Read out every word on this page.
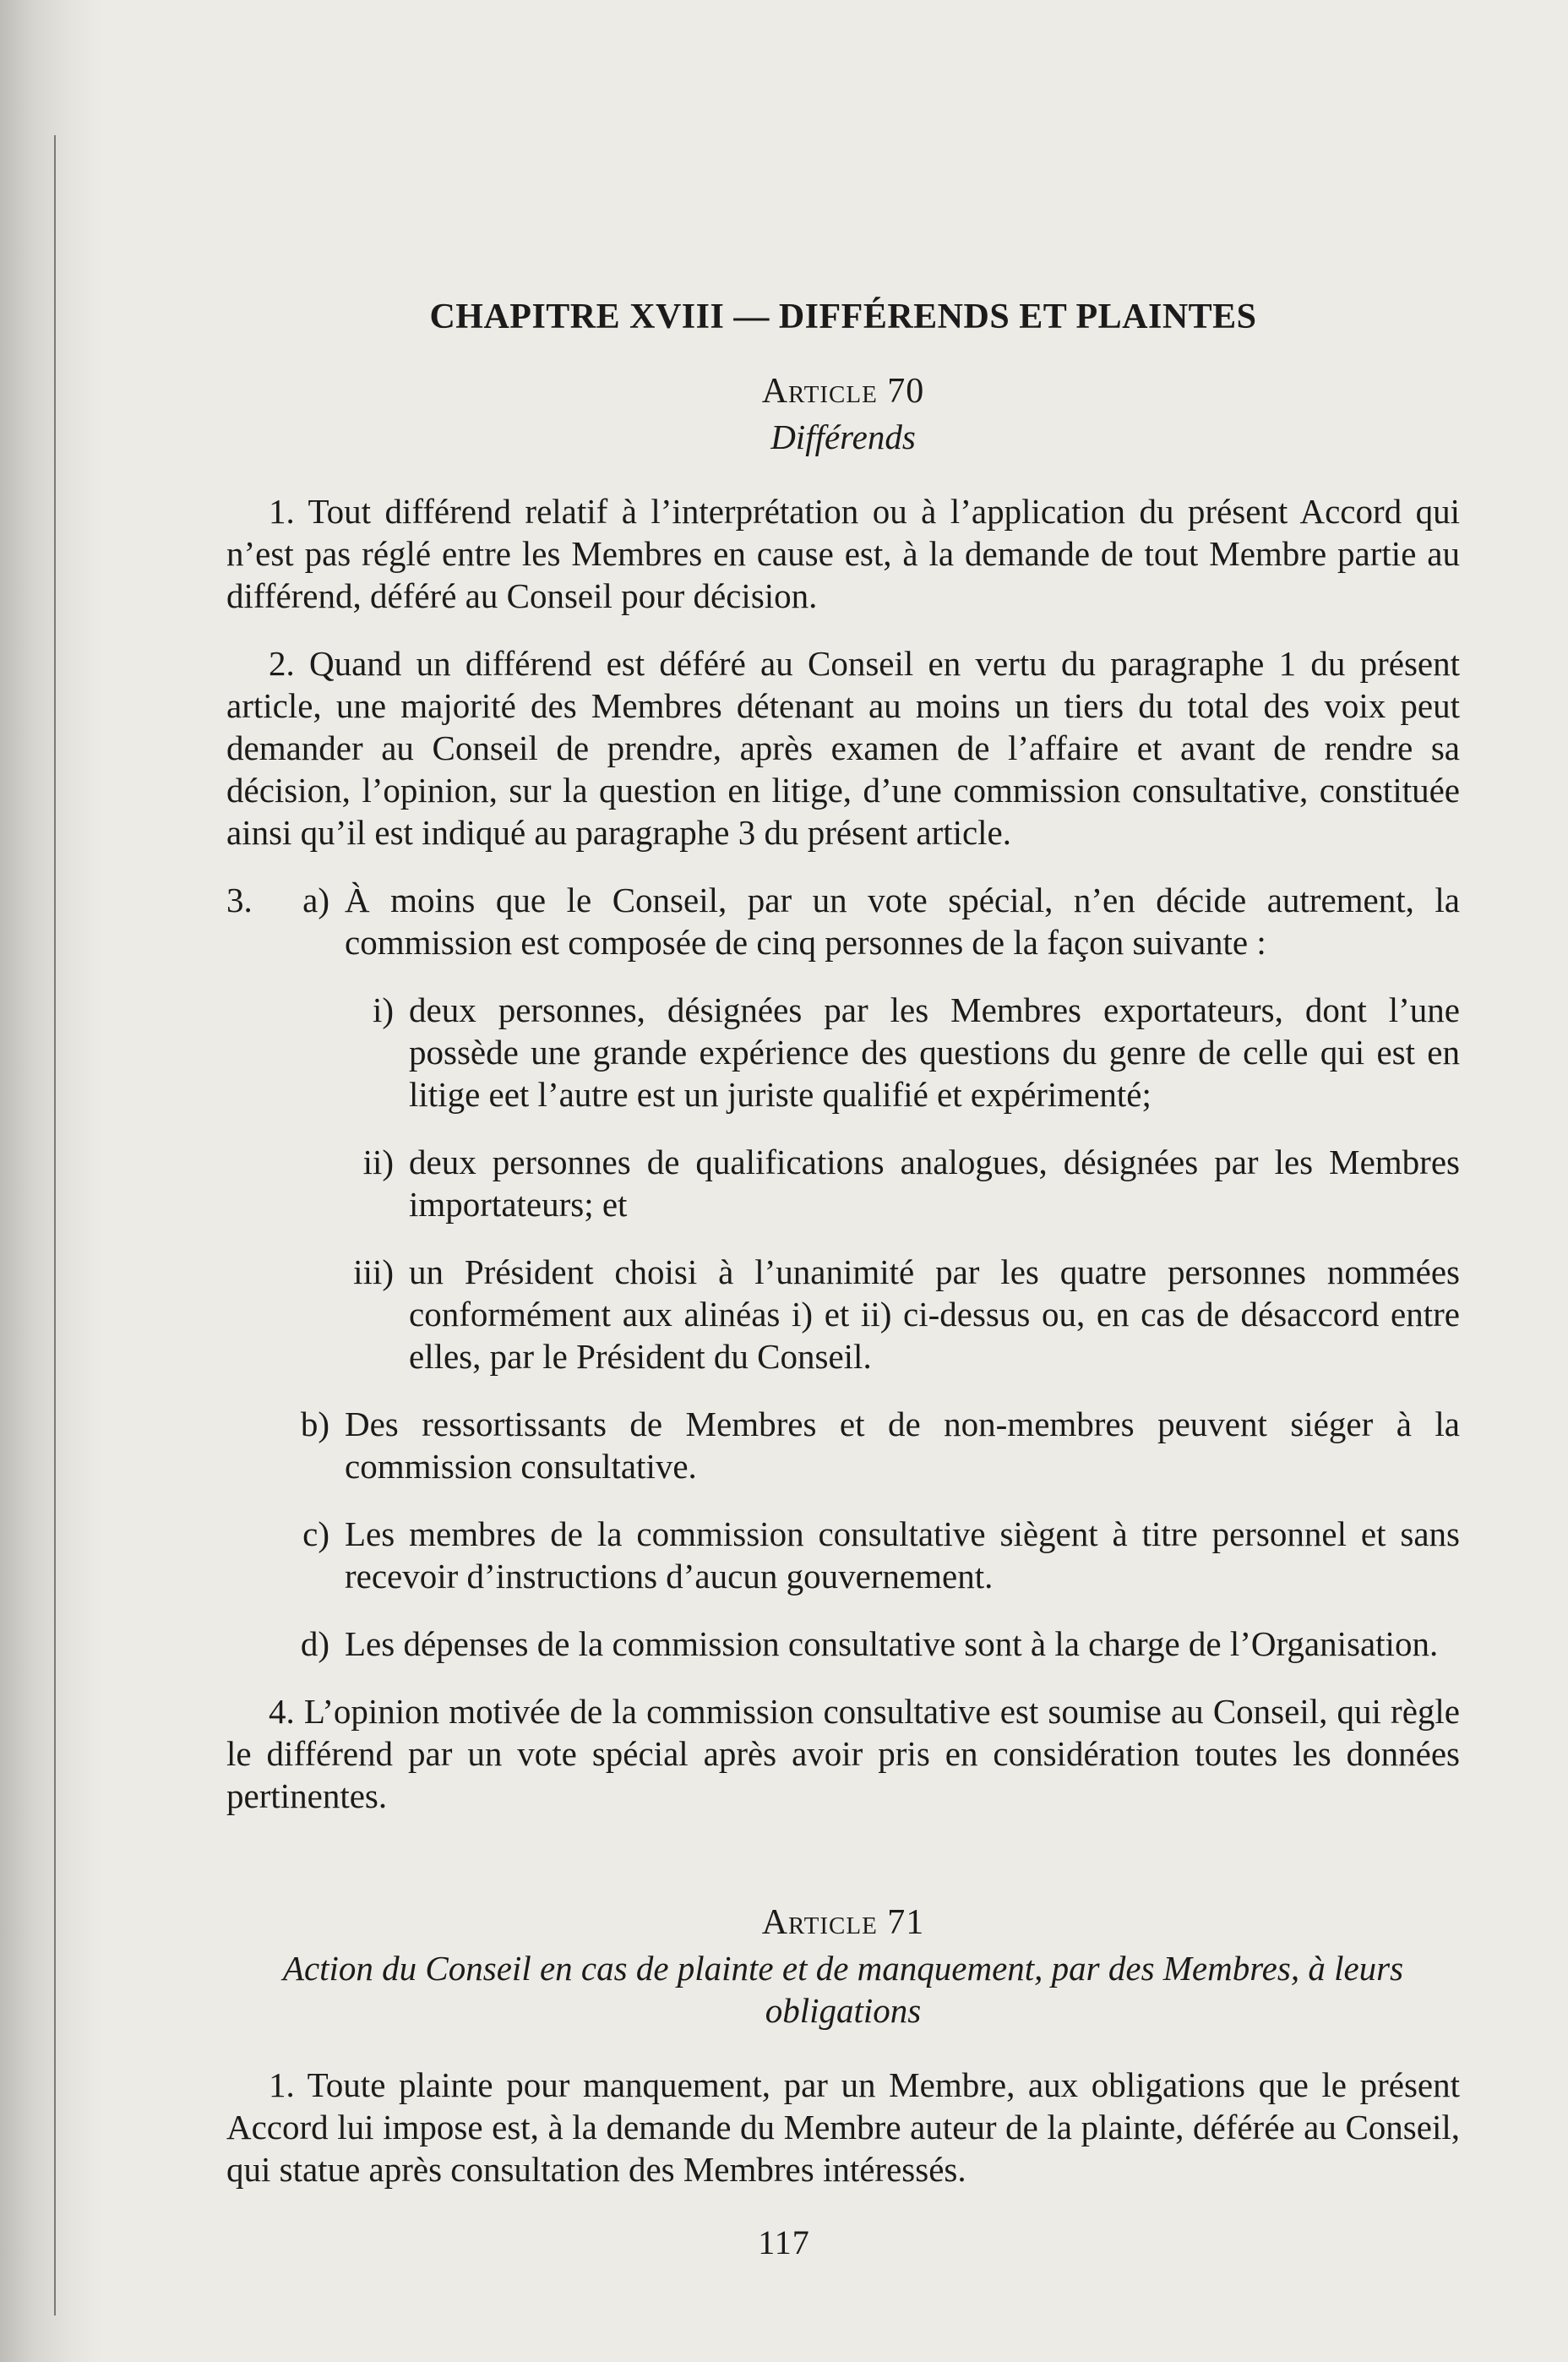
CHAPITRE XVIII — DIFFÉRENDS ET PLAINTES
Article 70
Différends

1. Tout différend relatif à l’interprétation ou à l’application du présent Accord qui n’est pas réglé entre les Membres en cause est, à la demande de tout Membre partie au différend, déféré au Conseil pour décision.

2. Quand un différend est déféré au Conseil en vertu du paragraphe 1 du présent article, une majorité des Membres détenant au moins un tiers du total des voix peut demander au Conseil de prendre, après examen de l’affaire et avant de rendre sa décision, l’opinion, sur la question en litige, d’une commission consultative, constituée ainsi qu’il est indiqué au paragraphe 3 du présent article.

3.	a) À moins que le Conseil, par un vote spécial, n’en décide autrement, la commission est composée de cinq personnes de la façon suivante :
i) deux personnes, désignées par les Membres exportateurs, dont l’une possède une grande expérience des questions du genre de celle qui est en litige eet l’autre est un juriste qualifié et expérimenté;
ii) deux personnes de qualifications analogues, désignées par les Membres importateurs; et
iii) un Président choisi à l’unanimité par les quatre personnes nommées conformément aux alinéas i) et ii) ci-dessus ou, en cas de désaccord entre elles, par le Président du Conseil.
b) Des ressortissants de Membres et de non-membres peuvent siéger à la commission consultative.
c) Les membres de la commission consultative siègent à titre personnel et sans recevoir d’instructions d’aucun gouvernement.
d) Les dépenses de la commission consultative sont à la charge de l’Organisation.

4. L’opinion motivée de la commission consultative est soumise au Conseil, qui règle le différend par un vote spécial après avoir pris en considération toutes les données pertinentes.

Article 71
Action du Conseil en cas de plainte et de manquement, par des Membres, à leurs obligations

1. Toute plainte pour manquement, par un Membre, aux obligations que le présent Accord lui impose est, à la demande du Membre auteur de la plainte, déférée au Conseil, qui statue après consultation des Membres intéressés.

117
